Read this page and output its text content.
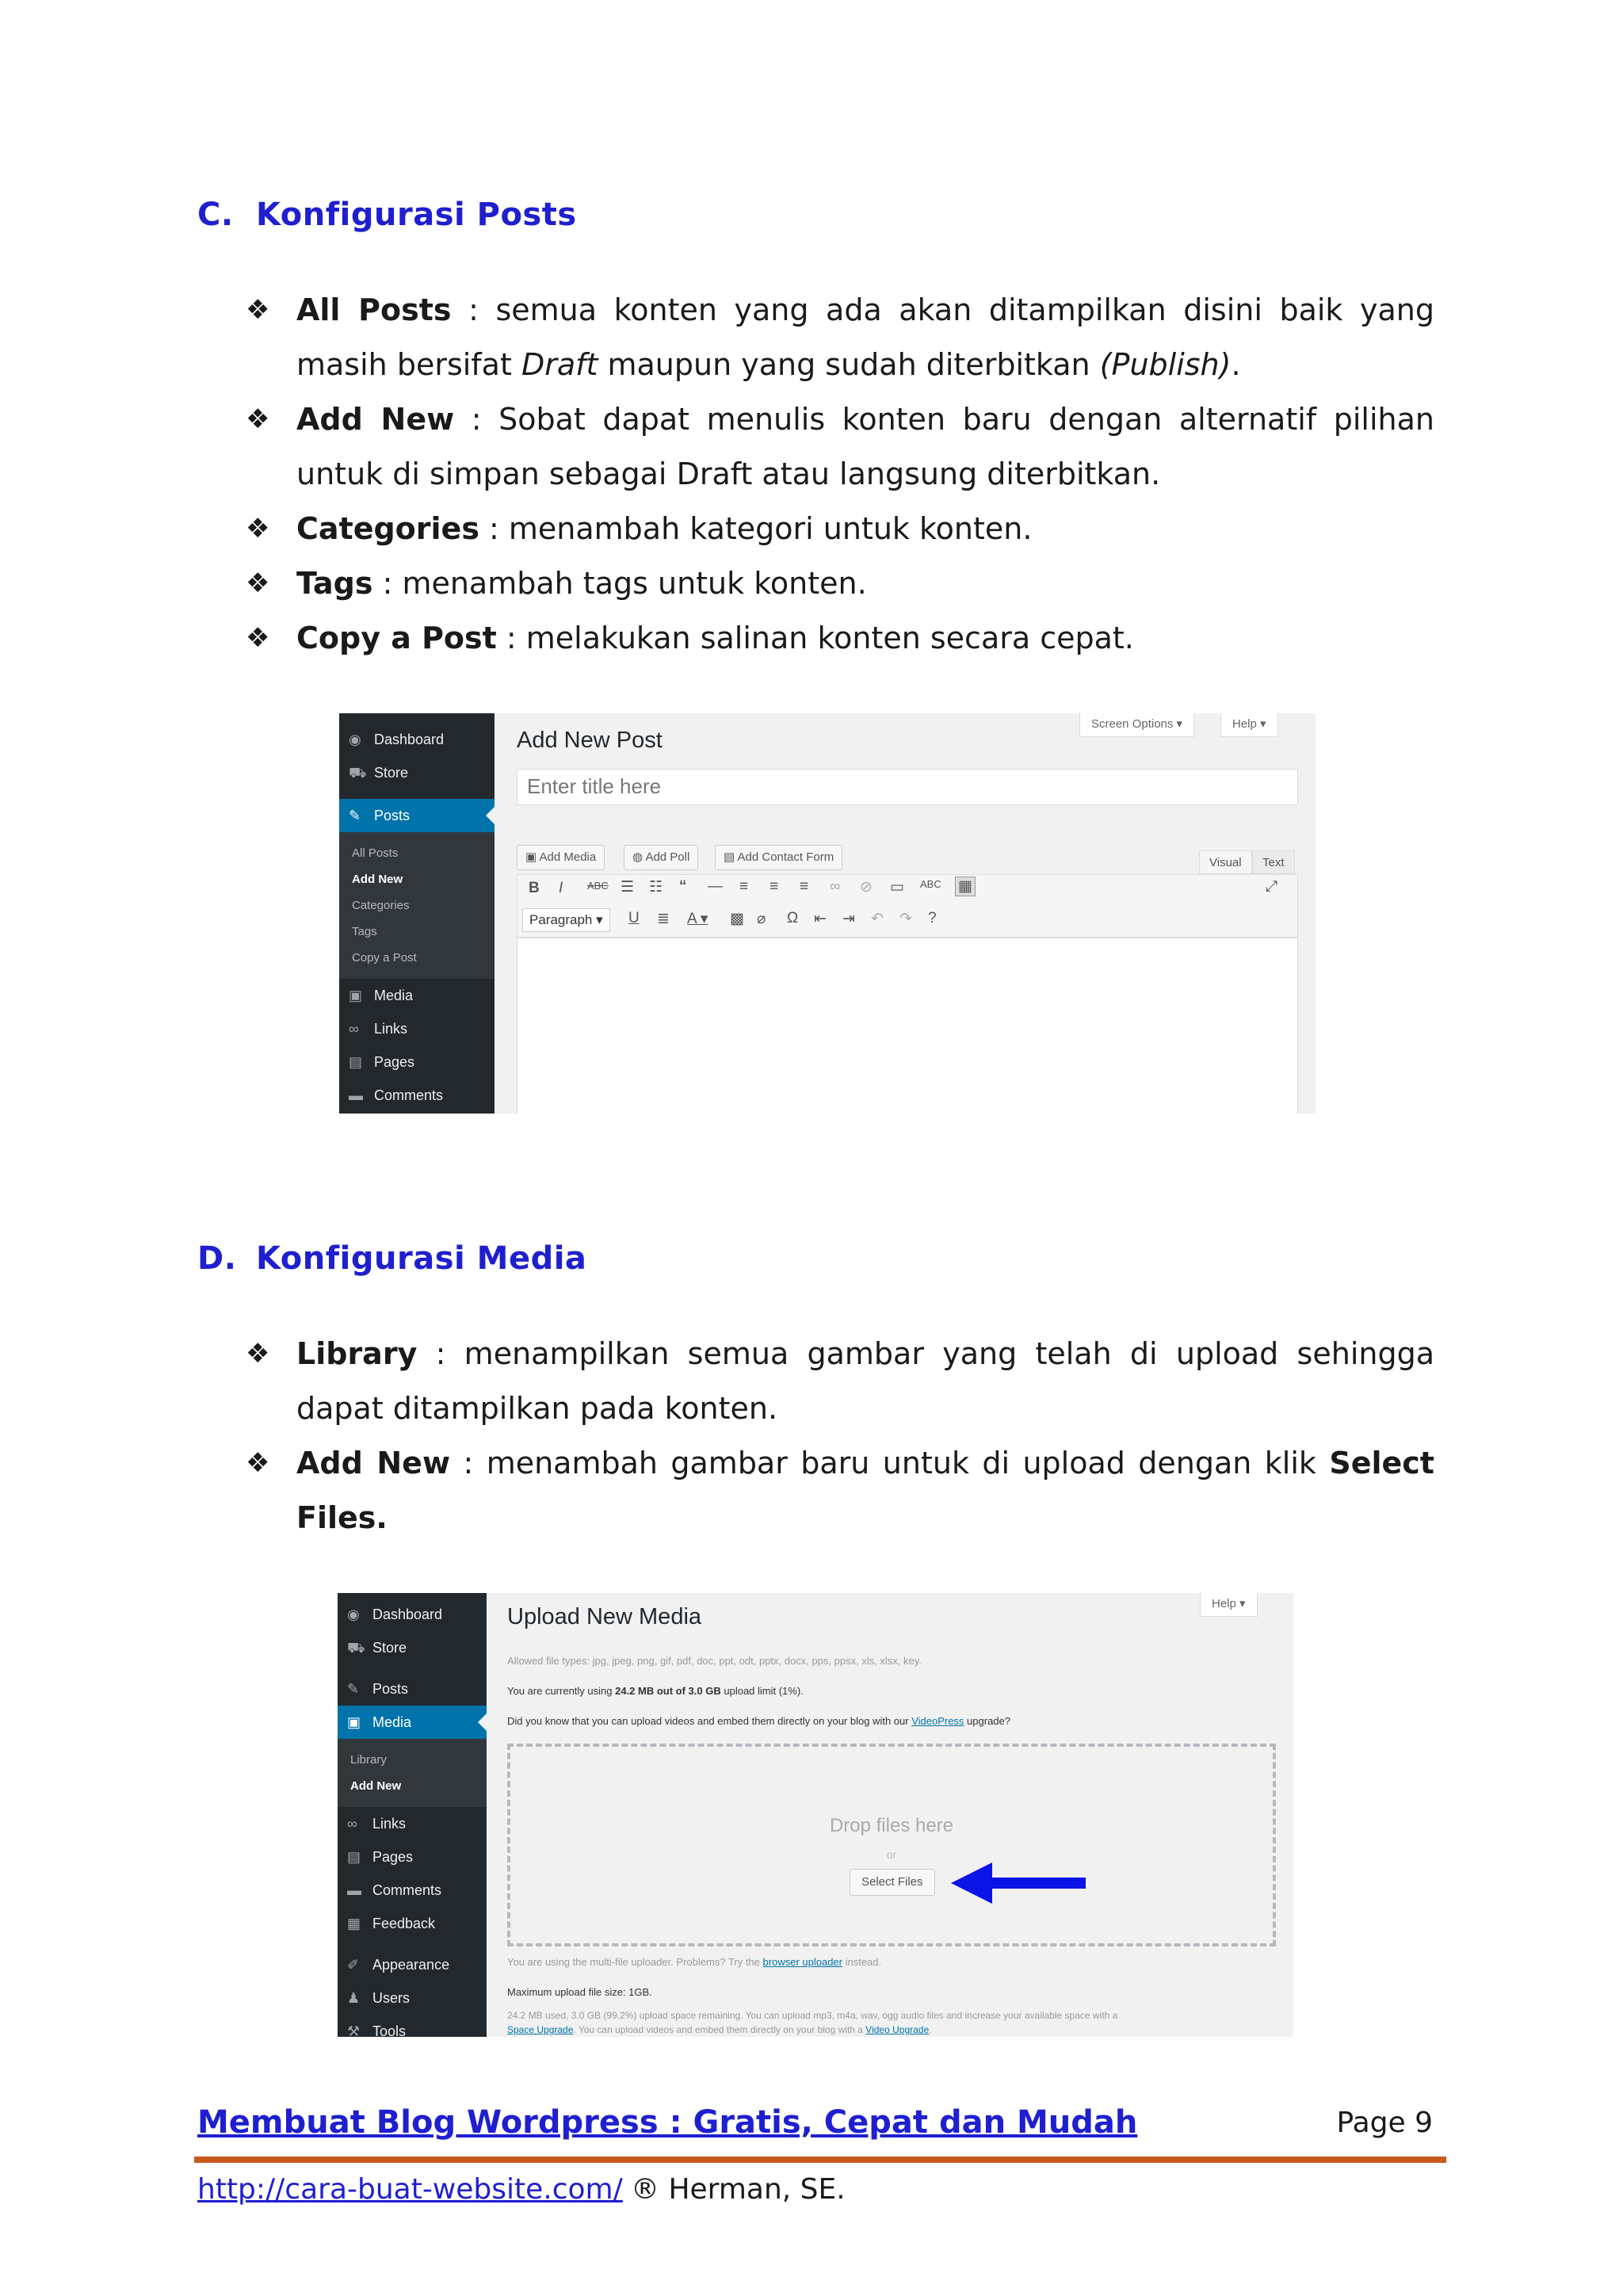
C. Konfigurasi Posts
❖ All Posts : semua konten yang ada akan ditampilkan disini baik yang masih bersifat Draft maupun yang sudah diterbitkan (Publish).
❖ Add New : Sobat dapat menulis konten baru dengan alternatif pilihan untuk di simpan sebagai Draft atau langsung diterbitkan.
❖ Categories : menambah kategori untuk konten.
❖ Tags : menambah tags untuk konten.
❖ Copy a Post : melakukan salinan konten secara cepat.
◉ Dashboard
⛟ Store
✎ Posts
All Posts
Add New
Categories
Tags
Copy a Post
▣ Media
∞ Links
▤ Pages
▬ Comments
Screen Options ▾	Help ▾
Add New Post
Enter title here
▣ Add Media	◍ Add Poll	▤ Add Contact Form	Visual	Text
B I ABC ☰ ☷ “ — ≡ ≡ ≡ ∞ ⊘ ▭ ABC ▦	⤢
Paragraph ▾	U ≣ A ▾ ▩ ⌀ Ω ⇤ ⇥ ↶ ↷ ?
D. Konfigurasi Media
❖ Library : menampilkan semua gambar yang telah di upload sehingga dapat ditampilkan pada konten.
❖ Add New : menambah gambar baru untuk di upload dengan klik Select Files.
◉ Dashboard
⛟ Store
✎ Posts
▣ Media
Library
Add New
∞ Links
▤ Pages
▬ Comments
▦ Feedback
✐ Appearance
♟ Users
⚒ Tools
Help ▾
Upload New Media
Allowed file types: jpg, jpeg, png, gif, pdf, doc, ppt, odt, pptx, docx, pps, ppsx, xls, xlsx, key.
You are currently using 24.2 MB out of 3.0 GB upload limit (1%).
Did you know that you can upload videos and embed them directly on your blog with our VideoPress upgrade?
Drop files here
or
Select Files
You are using the multi-file uploader. Problems? Try the browser uploader instead.
Maximum upload file size: 1GB.
24.2 MB used, 3.0 GB (99.2%) upload space remaining. You can upload mp3, m4a, wav, ogg audio files and increase your available space with a
Space Upgrade. You can upload videos and embed them directly on your blog with a Video Upgrade.
Membuat Blog Wordpress : Gratis, Cepat dan Mudah	Page 9
http://cara-buat-website.com/ ® Herman, SE.
